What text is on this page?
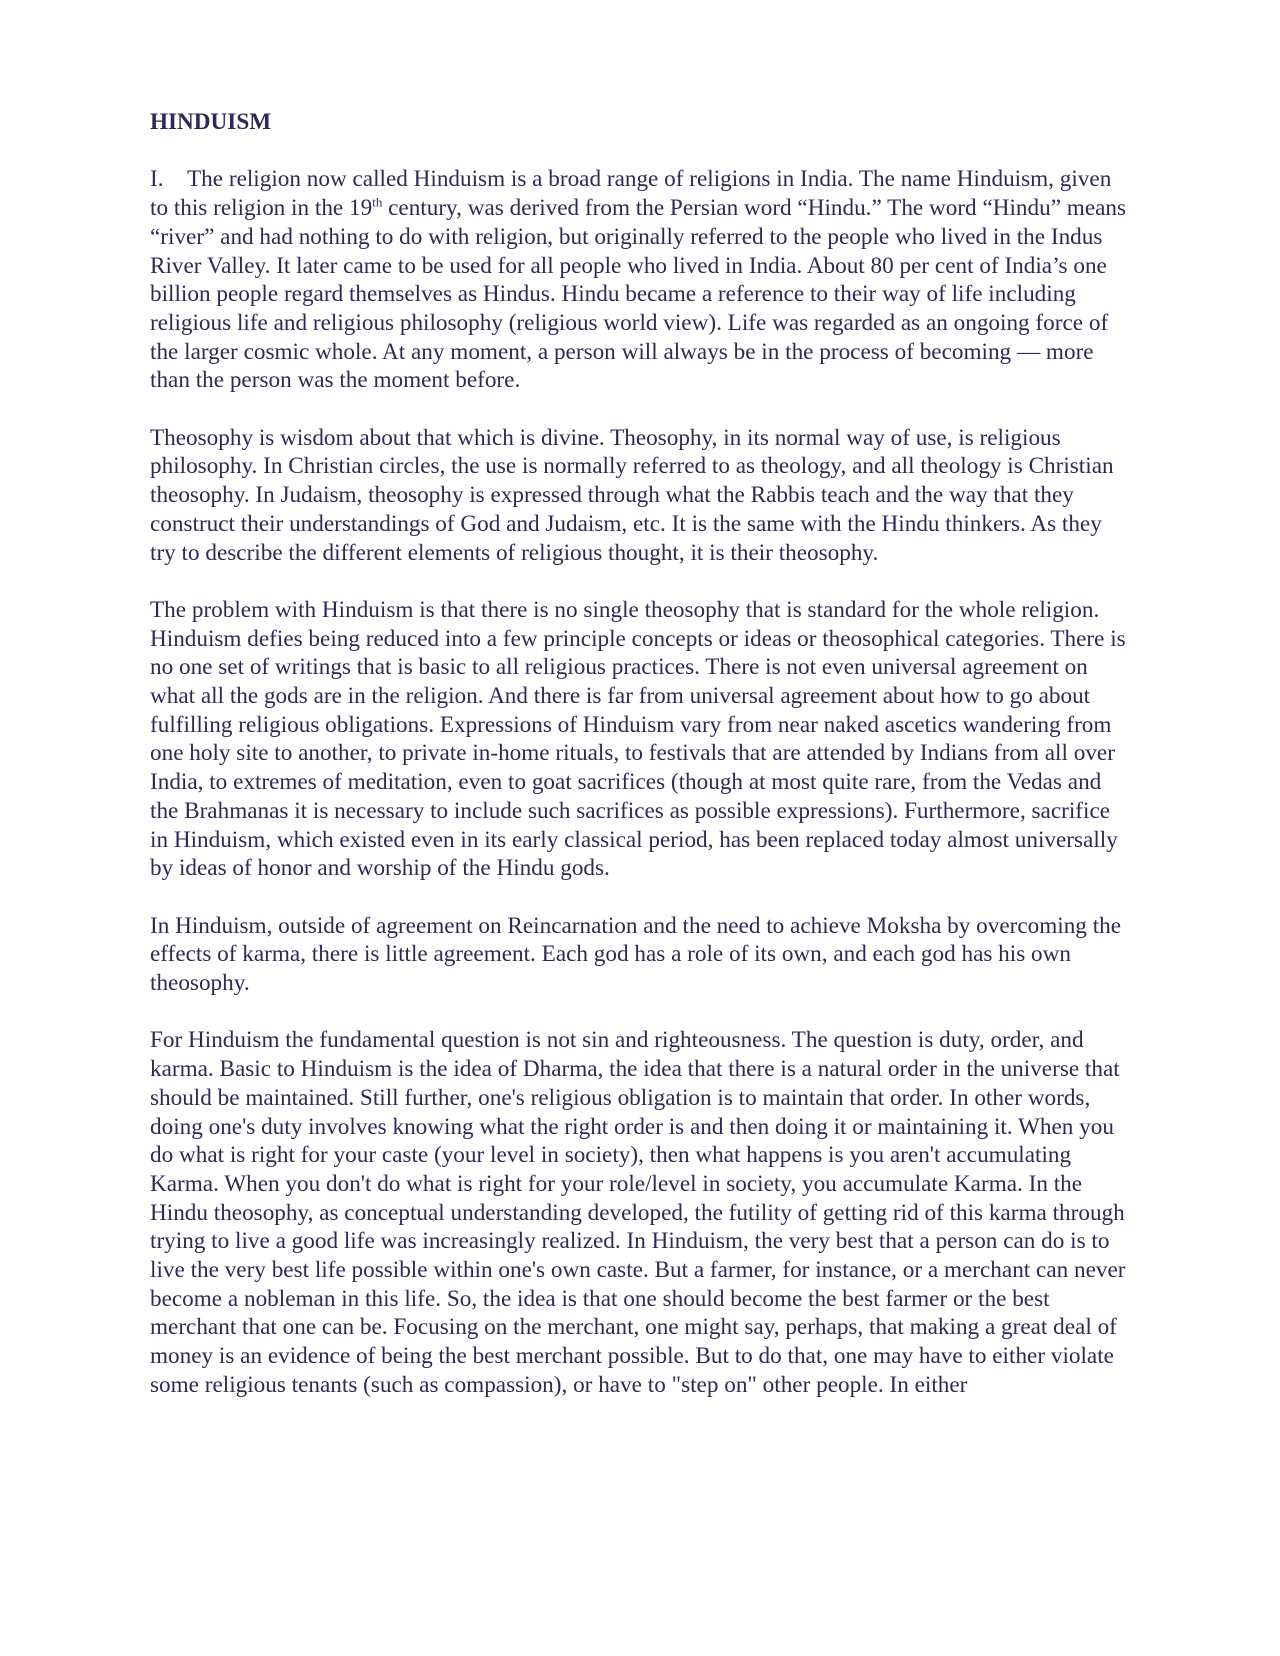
HINDUISM

I. The religion now called Hinduism is a broad range of religions in India. The name Hinduism, given to this religion in the 19th century, was derived from the Persian word “Hindu.” The word “Hindu” means “river” and had nothing to do with religion, but originally referred to the people who lived in the Indus River Valley. It later came to be used for all people who lived in India. About 80 per cent of India’s one billion people regard themselves as Hindus. Hindu became a reference to their way of life including religious life and religious philosophy (religious world view). Life was regarded as an ongoing force of the larger cosmic whole. At any moment, a person will always be in the process of becoming — more than the person was the moment before.

Theosophy is wisdom about that which is divine. Theosophy, in its normal way of use, is religious philosophy. In Christian circles, the use is normally referred to as theology, and all theology is Christian theosophy. In Judaism, theosophy is expressed through what the Rabbis teach and the way that they construct their understandings of God and Judaism, etc. It is the same with the Hindu thinkers. As they try to describe the different elements of religious thought, it is their theosophy.

The problem with Hinduism is that there is no single theosophy that is standard for the whole religion. Hinduism defies being reduced into a few principle concepts or ideas or theosophical categories. There is no one set of writings that is basic to all religious practices. There is not even universal agreement on what all the gods are in the religion. And there is far from universal agreement about how to go about fulfilling religious obligations. Expressions of Hinduism vary from near naked ascetics wandering from one holy site to another, to private in-home rituals, to festivals that are attended by Indians from all over India, to extremes of meditation, even to goat sacrifices (though at most quite rare, from the Vedas and the Brahmanas it is necessary to include such sacrifices as possible expressions). Furthermore, sacrifice in Hinduism, which existed even in its early classical period, has been replaced today almost universally by ideas of honor and worship of the Hindu gods.

In Hinduism, outside of agreement on Reincarnation and the need to achieve Moksha by overcoming the effects of karma, there is little agreement. Each god has a role of its own, and each god has his own theosophy.

For Hinduism the fundamental question is not sin and righteousness. The question is duty, order, and karma. Basic to Hinduism is the idea of Dharma, the idea that there is a natural order in the universe that should be maintained. Still further, one's religious obligation is to maintain that order. In other words, doing one's duty involves knowing what the right order is and then doing it or maintaining it. When you do what is right for your caste (your level in society), then what happens is you aren't accumulating Karma. When you don't do what is right for your role/level in society, you accumulate Karma. In the Hindu theosophy, as conceptual understanding developed, the futility of getting rid of this karma through trying to live a good life was increasingly realized. In Hinduism, the very best that a person can do is to live the very best life possible within one's own caste. But a farmer, for instance, or a merchant can never become a nobleman in this life. So, the idea is that one should become the best farmer or the best merchant that one can be. Focusing on the merchant, one might say, perhaps, that making a great deal of money is an evidence of being the best merchant possible. But to do that, one may have to either violate some religious tenants (such as compassion), or have to "step on" other people. In either
